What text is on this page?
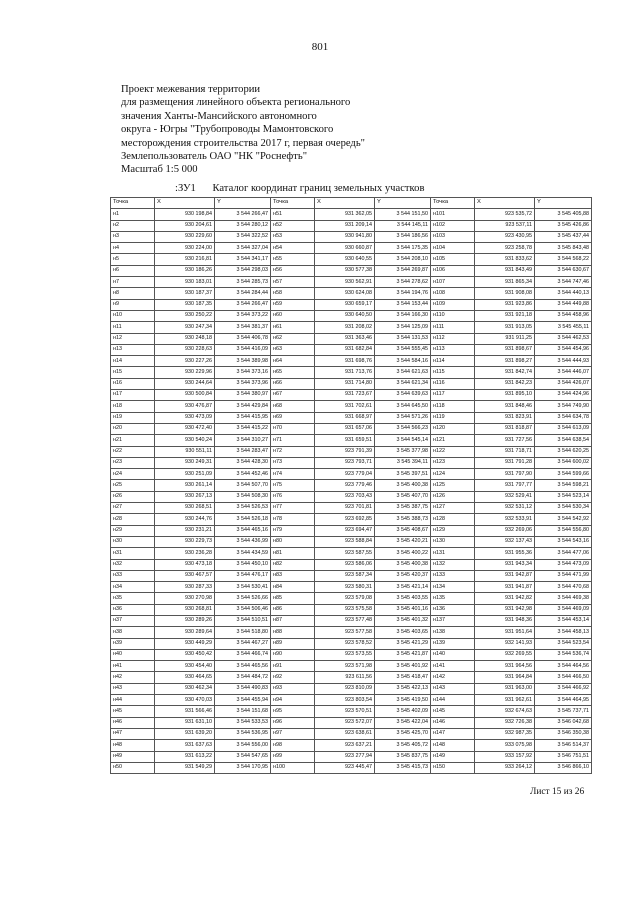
801
Проект межевания территории
для размещения линейного объекта регионального
значения Ханты-Мансийского автономного
округа - Югры "Трубопроводы Мамонтовского
месторождения строительства 2017 г, первая очередь"
Землепользователь ОАО "НК "Роснефть"
Масштаб 1:5 000
:ЗУ1 Каталог координат границ земельных участков
Точка	X	Y	Точка	X	Y	Точка	X	Y
н1	930 198,84	3 544 266,47	н51	931 362,05	3 544 151,50	н101	923 535,72	3 545 405,88
н2	930 204,61	3 544 280,12	н52	931 209,14	3 544 145,11	н102	923 537,11	3 545 426,86
н3	930 229,60	3 544 322,52	н53	930 941,80	3 544 186,56	н103	923 430,95	3 545 437,44
н4	930 224,00	3 544 327,04	н54	930 660,87	3 544 175,35	н104	923 258,78	3 545 843,48
н5	930 216,81	3 544 341,17	н55	930 640,55	3 544 208,10	н105	931 833,62	3 544 568,22
н6	930 186,26	3 544 298,03	н56	930 577,38	3 544 269,87	н106	931 843,49	3 544 630,67
н7	930 183,01	3 544 285,73	н57	930 562,91	3 544 278,62	н107	931 865,34	3 544 747,46
н8	930 187,37	3 544 284,44	н58	930 624,08	3 544 194,76	н108	931 908,08	3 544 440,13
н9	930 187,35	3 544 266,47	н59	930 659,17	3 544 153,44	н109	931 923,86	3 544 449,88
н10	930 250,22	3 544 373,22	н60	930 640,50	3 544 166,30	н110	931 921,18	3 544 458,96
н11	930 247,34	3 544 381,37	н61	931 208,02	3 544 125,09	н111	931 913,05	3 545 455,11
н12	930 248,18	3 544 406,78	н62	931 363,46	3 544 131,53	н112	931 911,25	3 544 462,53
н13	930 228,63	3 544 416,09	н63	931 682,84	3 544 555,45	н113	931 898,67	3 544 454,96
н14	930 227,26	3 544 389,98	н64	931 698,76	3 544 584,16	н114	931 898,27	3 544 444,93
н15	930 229,96	3 544 373,16	н65	931 713,76	3 544 621,63	н115	931 842,74	3 544 446,07
н16	930 244,64	3 544 373,96	н66	931 714,80	3 544 621,34	н116	931 842,23	3 544 426,07
н17	930 500,84	3 544 380,97	н67	931 723,67	3 544 639,63	н117	931 895,10	3 544 424,96
н18	930 476,87	3 544 429,84	н68	931 702,61	3 544 645,50	н118	931 848,46	3 544 749,90
н19	930 473,09	3 544 415,95	н69	931 668,97	3 544 571,26	н119	931 823,91	3 544 634,78
н20	930 472,40	3 544 415,22	н70	931 657,06	3 544 566,23	н120	931 818,87	3 544 613,09
н21	930 540,24	3 544 310,27	н71	931 659,51	3 544 545,14	н121	931 727,56	3 544 638,54
н22	930 551,11	3 544 283,47	н72	923 791,39	3 545 377,98	н122	931 718,71	3 544 620,25
н23	930 249,31	3 544 428,30	н73	923 793,71	3 545 394,11	н123	931 791,28	3 544 600,02
н24	930 251,09	3 544 452,46	н74	923 779,04	3 545 397,51	н124	931 797,90	3 544 599,66
н25	930 261,14	3 544 507,70	н75	923 779,46	3 545 400,38	н125	931 797,77	3 544 598,21
н26	930 267,13	3 544 508,30	н76	923 703,43	3 545 407,70	н126	932 529,41	3 544 523,14
н27	930 268,51	3 544 526,53	н77	923 701,81	3 545 387,75	н127	932 531,12	3 544 530,34
н28	930 244,76	3 544 526,18	н78	923 692,85	3 545 388,73	н128	932 533,91	3 544 542,92
н29	930 231,21	3 544 465,16	н79	923 694,47	3 545 408,67	н129	932 269,06	3 544 556,80
н30	930 229,73	3 544 436,99	н80	923 588,84	3 545 420,21	н130	932 137,43	3 544 543,16
н31	930 236,28	3 544 434,59	н81	923 587,55	3 545 400,22	н131	931 955,36	3 544 477,06
н32	930 473,18	3 544 450,10	н82	923 586,06	3 545 400,38	н132	931 943,34	3 544 473,09
н33	930 467,57	3 544 476,17	н83	923 587,34	3 545 420,37	н133	931 942,87	3 544 471,99
н34	930 287,33	3 544 530,41	н84	923 580,31	3 545 421,14	н134	931 941,87	3 544 470,68
н35	930 270,98	3 544 526,66	н85	923 579,08	3 545 403,55	н135	931 942,82	3 544 469,38
н36	930 268,81	3 544 506,46	н86	923 575,58	3 545 401,16	н136	931 942,98	3 544 469,09
н37	930 289,26	3 544 510,51	н87	923 577,48	3 545 401,32	н137	931 948,36	3 544 453,14
н38	930 289,64	3 544 518,80	н88	923 577,58	3 545 403,65	н138	931 951,64	3 544 458,13
н39	930 449,29	3 544 467,27	н89	923 578,52	3 545 421,29	н139	932 141,93	3 544 523,54
н40	930 450,42	3 544 466,74	н90	923 573,55	3 545 421,87	н140	932 269,55	3 544 536,74
н41	930 454,40	3 544 465,56	н91	923 571,98	3 545 401,92	н141	931 964,56	3 544 464,56
н42	930 464,65	3 544 484,72	н92	923 611,56	3 545 418,47	н142	931 964,84	3 544 466,50
н43	930 462,34	3 544 490,83	н93	923 810,09	3 545 422,13	н143	931 963,00	3 544 466,92
н44	930 470,03	3 544 455,94	н94	923 803,54	3 545 419,50	н144	931 962,61	3 544 464,95
н45	931 566,46	3 544 151,68	н95	923 570,51	3 545 402,09	н145	932 674,63	3 545 737,71
н46	931 631,10	3 544 533,53	н96	923 572,07	3 545 422,04	н146	932 726,38	3 546 042,68
н47	931 639,20	3 544 536,95	н97	923 638,61	3 545 425,70	н147	932 987,35	3 546 350,38
н48	931 637,63	3 544 556,00	н98	923 637,21	3 545 405,72	н148	933 075,98	3 546 514,37
н49	931 613,22	3 544 547,65	н99	923 277,94	3 545 837,75	н149	933 157,92	3 546 751,51
н50	931 549,29	3 544 170,95	н100	923 445,47	3 545 415,73	н150	933 264,12	3 546 866,10
Лист 15 из 26
